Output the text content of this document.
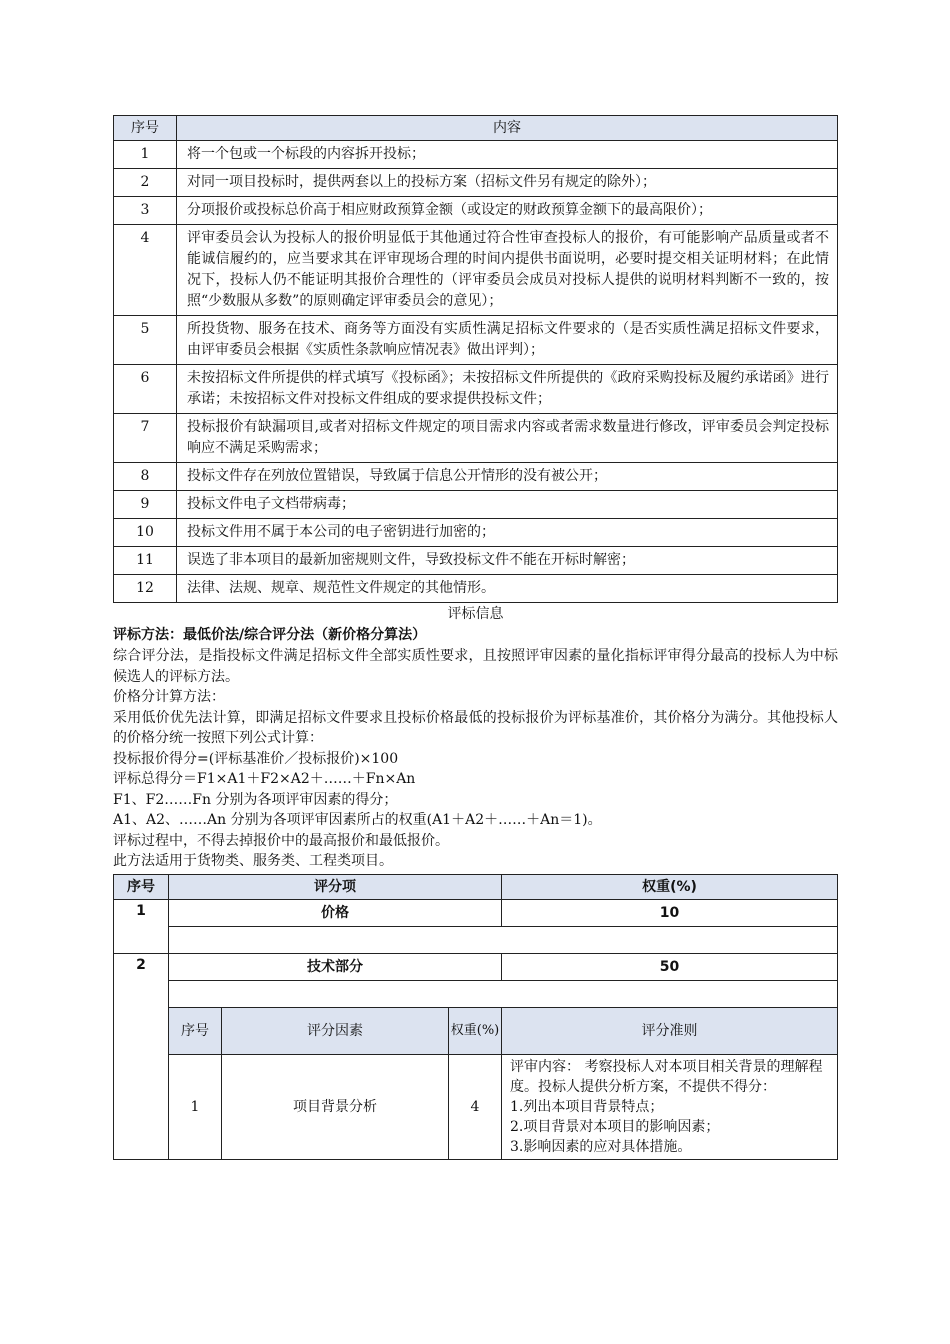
序号	内容
1	将一个包或一个标段的内容拆开投标；
2	对同一项目投标时，提供两套以上的投标方案（招标文件另有规定的除外）；
3	分项报价或投标总价高于相应财政预算金额（或设定的财政预算金额下的最高限价）；
4	评审委员会认为投标人的报价明显低于其他通过符合性审查投标人的报价，有可能影响产品质量或者不能诚信履约的，应当要求其在评审现场合理的时间内提供书面说明，必要时提交相关证明材料；在此情况下，投标人仍不能证明其报价合理性的（评审委员会成员对投标人提供的说明材料判断不一致的，按照“少数服从多数”的原则确定评审委员会的意见）；
5	所投货物、服务在技术、商务等方面没有实质性满足招标文件要求的（是否实质性满足招标文件要求，由评审委员会根据《实质性条款响应情况表》做出评判）；
6	未按招标文件所提供的样式填写《投标函》；未按招标文件所提供的《政府采购投标及履约承诺函》进行承诺；未按招标文件对投标文件组成的要求提供投标文件；
7	投标报价有缺漏项目,或者对招标文件规定的项目需求内容或者需求数量进行修改，评审委员会判定投标响应不满足采购需求；
8	投标文件存在列放位置错误，导致属于信息公开情形的没有被公开；
9	投标文件电子文档带病毒；
10	投标文件用不属于本公司的电子密钥进行加密的；
11	误选了非本项目的最新加密规则文件，导致投标文件不能在开标时解密；
12	法律、法规、规章、规范性文件规定的其他情形。

评标信息

评标方法：最低价法/综合评分法（新价格分算法）

综合评分法，是指投标文件满足招标文件全部实质性要求，且按照评审因素的量化指标评审得分最高的投标人为中标候选人的评标方法。

价格分计算方法：

采用低价优先法计算，即满足招标文件要求且投标价格最低的投标报价为评标基准价，其价格分为满分。其他投标人的价格分统一按照下列公式计算：

投标报价得分=(评标基准价／投标报价)×100

评标总得分＝F1×A1＋F2×A2＋……＋Fn×An

F1、F2……Fn 分别为各项评审因素的得分；

A1、A2、……An 分别为各项评审因素所占的权重(A1＋A2＋……＋An＝1)。

评标过程中，不得去掉报价中的最高报价和最低报价。

此方法适用于货物类、服务类、工程类项目。

序号	评分项			权重(%)
1	价格			10

2	技术部分			50

	序号	评分因素	权重(%)	评分准则
	1	项目背景分析	4	评审内容： 考察投标人对本项目相关背景的理解程度。投标人提供分析方案，不提供不得分：
1.列出本项目背景特点；
2.项目背景对本项目的影响因素；
3.影响因素的应对具体措施。
